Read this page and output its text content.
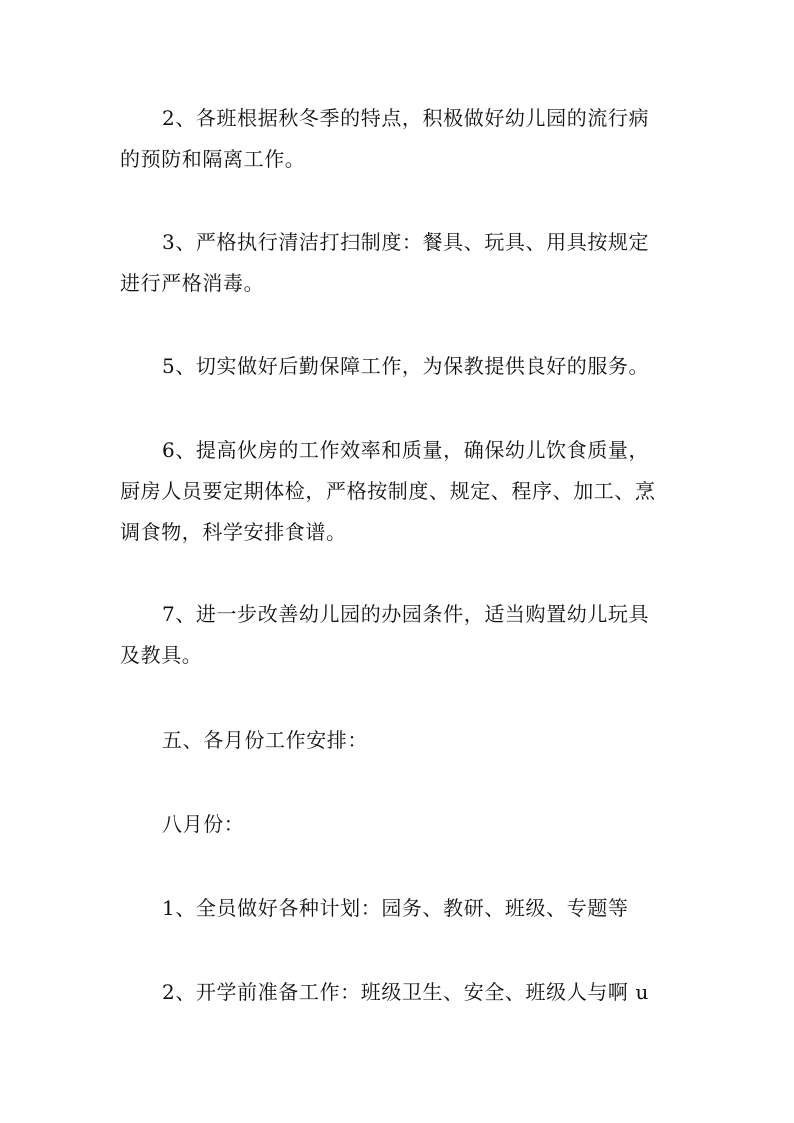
2、各班根据秋冬季的特点，积极做好幼儿园的流行病
的预防和隔离工作。

3、严格执行清洁打扫制度：餐具、玩具、用具按规定
进行严格消毒。

5、切实做好后勤保障工作，为保教提供良好的服务。

6、提高伙房的工作效率和质量，确保幼儿饮食质量，
厨房人员要定期体检，严格按制度、规定、程序、加工、烹
调食物，科学安排食谱。

7、进一步改善幼儿园的办园条件，适当购置幼儿玩具
及教具。

五、各月份工作安排：

八月份：

1、全员做好各种计划：园务、教研、班级、专题等

2、开学前准备工作：班级卫生、安全、班级人与啊 u
